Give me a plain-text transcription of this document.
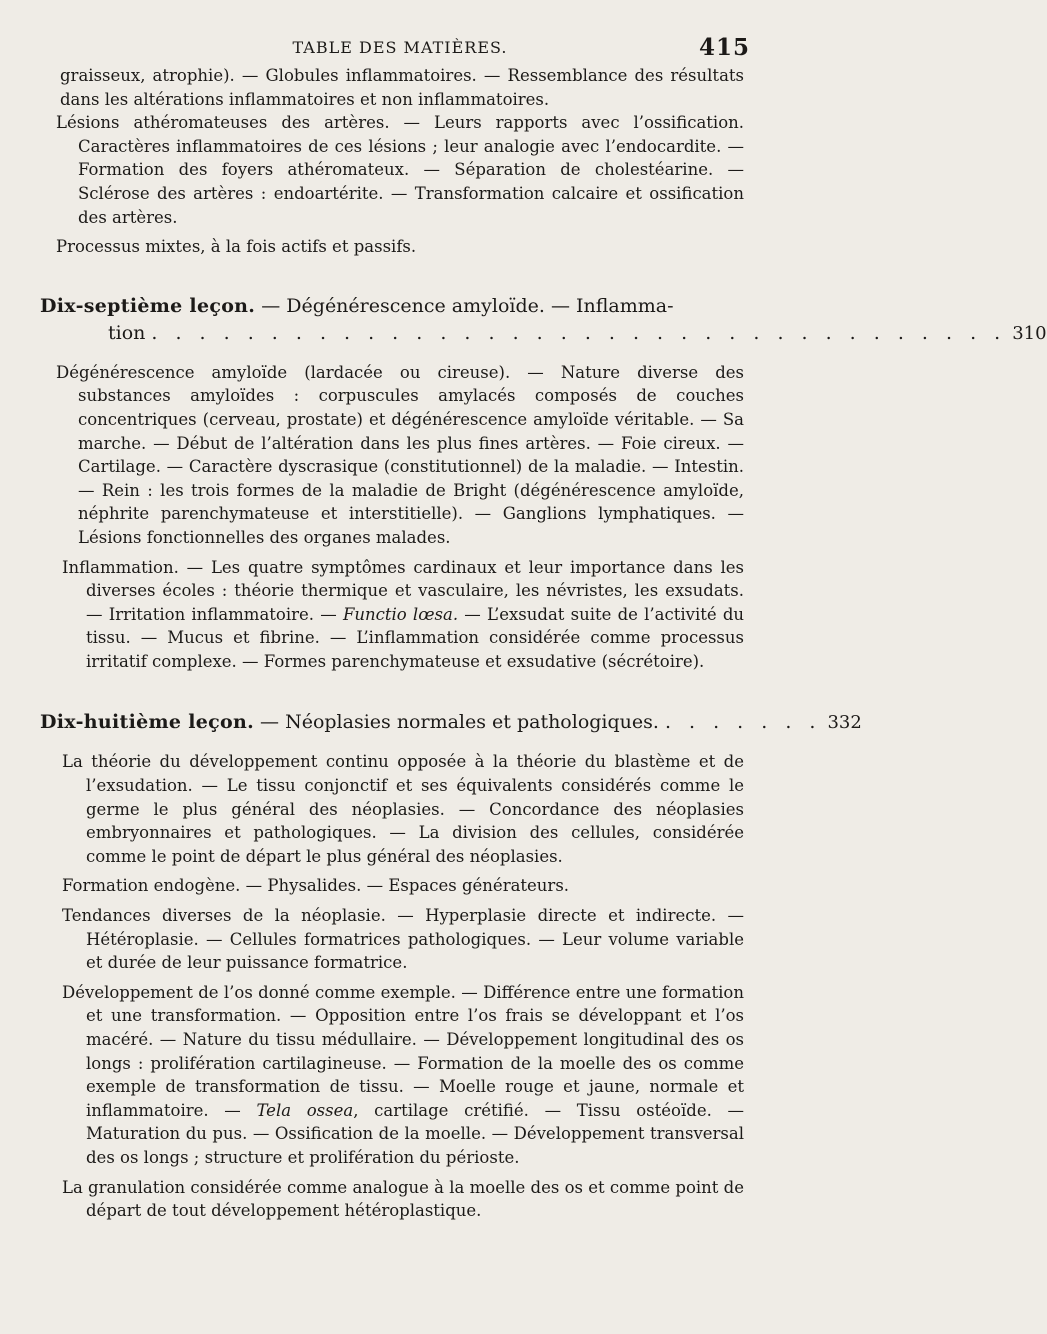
TABLE DES MATIÈRES.	415

graisseux, atrophie). — Globules inflammatoires. — Ressemblance des résultats dans les altérations inflammatoires et non inflammatoires.

Lésions athéromateuses des artères. — Leurs rapports avec l’ossification. Caractères inflammatoires de ces lésions ; leur analogie avec l’endocardite. — Formation des foyers athéromateux. — Séparation de cholestéarine. — Sclérose des artères : endoartérite. — Transformation calcaire et ossification des artères.

Processus mixtes, à la fois actifs et passifs.

Dix-septième leçon. — Dégénérescence amyloïde. — Inflamma-
tion . . . . . . . . . . . . . . . . . . . . . . . . . . . . . . . . . . . . 310

Dégénérescence amyloïde (lardacée ou cireuse). — Nature diverse des substances amyloïdes : corpuscules amylacés composés de couches concentriques (cerveau, prostate) et dégénérescence amyloïde véritable. — Sa marche. — Début de l’altération dans les plus fines artères. — Foie cireux. — Cartilage. — Caractère dyscrasique (constitutionnel) de la maladie. — Intestin. — Rein : les trois formes de la maladie de Bright (dégénérescence amyloïde, néphrite parenchymateuse et interstitielle). — Ganglions lymphatiques. — Lésions fonctionnelles des organes malades.

Inflammation. — Les quatre symptômes cardinaux et leur importance dans les diverses écoles : théorie thermique et vasculaire, les névristes, les exsudats. — Irritation inflammatoire. — Functio lœsa. — L’exsudat suite de l’activité du tissu. — Mucus et fibrine. — L’inflammation considérée comme processus irritatif complexe. — Formes parenchymateuse et exsudative (sécrétoire).

Dix-huitième leçon. — Néoplasies normales et pathologiques. . . . . . . . 332

La théorie du développement continu opposée à la théorie du blastème et de l’exsudation. — Le tissu conjonctif et ses équivalents considérés comme le germe le plus général des néoplasies. — Concordance des néoplasies embryonnaires et pathologiques. — La division des cellules, considérée comme le point de départ le plus général des néoplasies.

Formation endogène. — Physalides. — Espaces générateurs.

Tendances diverses de la néoplasie. — Hyperplasie directe et indirecte. — Hétéroplasie. — Cellules formatrices pathologiques. — Leur volume variable et durée de leur puissance formatrice.

Développement de l’os donné comme exemple. — Différence entre une formation et une transformation. — Opposition entre l’os frais se développant et l’os macéré. — Nature du tissu médullaire. — Développement longitudinal des os longs : prolifération cartilagineuse. — Formation de la moelle des os comme exemple de transformation de tissu. — Moelle rouge et jaune, normale et inflammatoire. — Tela ossea, cartilage crétifié. — Tissu ostéoïde. — Maturation du pus. — Ossification de la moelle. — Développement transversal des os longs ; structure et prolifération du périoste.

La granulation considérée comme analogue à la moelle des os et comme point de départ de tout développement hétéroplastique.
